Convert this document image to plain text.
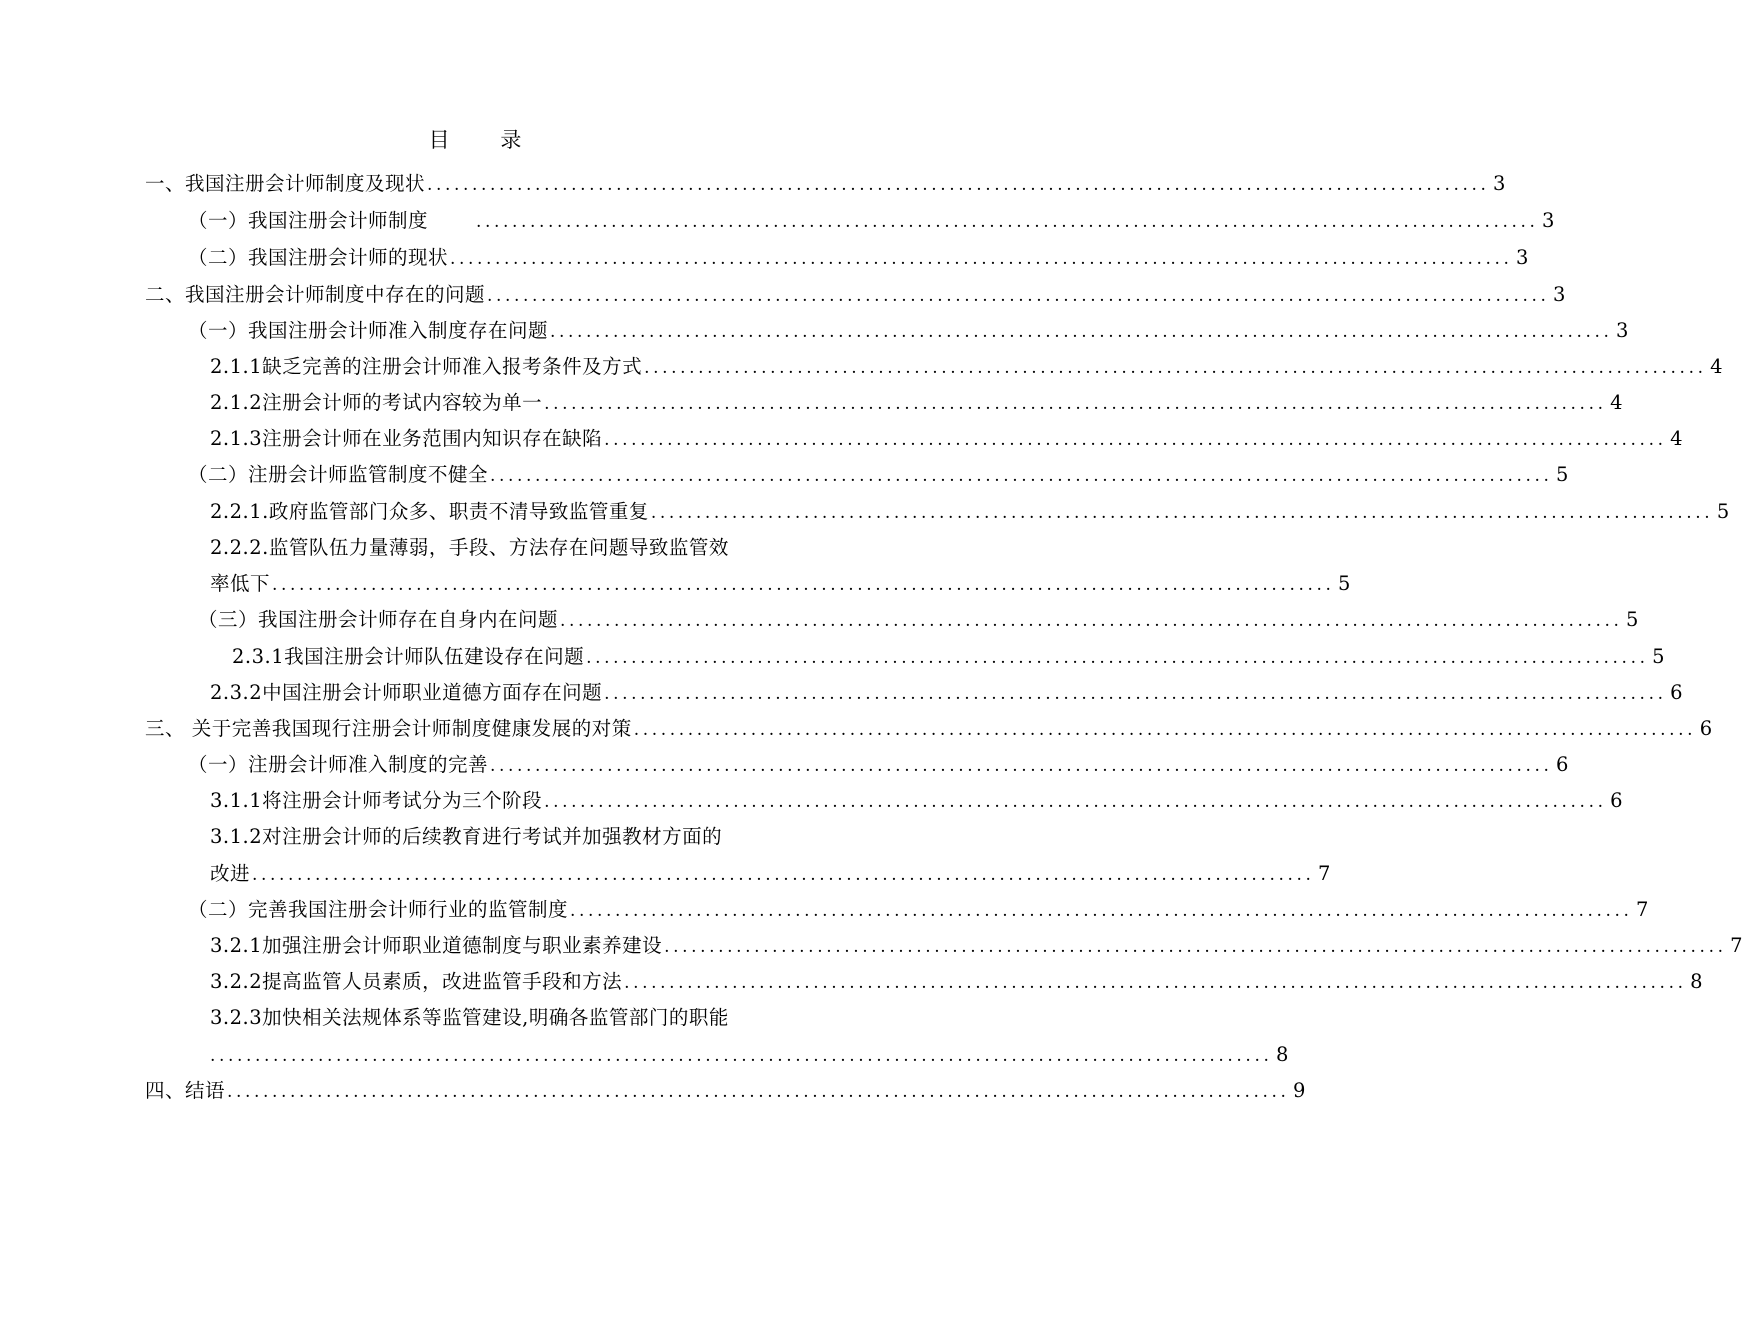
目 录
一、我国注册会计师制度及现状 ...................................................................................................................... 3
（一）我国注册会计师制度	...................................................................................................................... 3
（二）我国注册会计师的现状 ...................................................................................................................... 3
二、我国注册会计师制度中存在的问题 ...................................................................................................................... 3
（一）我国注册会计师准入制度存在问题 ...................................................................................................................... 3
2.1.1缺乏完善的注册会计师准入报考条件及方式 ...................................................................................................................... 4
2.1.2注册会计师的考试内容较为单一 ...................................................................................................................... 4
2.1.3注册会计师在业务范围内知识存在缺陷 ...................................................................................................................... 4
（二）注册会计师监管制度不健全 ...................................................................................................................... 5
2.2.1.政府监管部门众多、职责不清导致监管重复 ...................................................................................................................... 5
2.2.2.监管队伍力量薄弱，手段、方法存在问题导致监管效
率低下 ...................................................................................................................... 5
（三）我国注册会计师存在自身内在问题 ...................................................................................................................... 5
2.3.1我国注册会计师队伍建设存在问题 ...................................................................................................................... 5
2.3.2中国注册会计师职业道德方面存在问题 ...................................................................................................................... 6
三、 关于完善我国现行注册会计师制度健康发展的对策 ...................................................................................................................... 6
（一）注册会计师准入制度的完善 ...................................................................................................................... 6
3.1.1将注册会计师考试分为三个阶段 ...................................................................................................................... 6
3.1.2对注册会计师的后续教育进行考试并加强教材方面的
改进 ...................................................................................................................... 7
（二）完善我国注册会计师行业的监管制度 ...................................................................................................................... 7
3.2.1加强注册会计师职业道德制度与职业素养建设 ...................................................................................................................... 7
3.2.2提高监管人员素质，改进监管手段和方法 ...................................................................................................................... 8
3.2.3加快相关法规体系等监管建设,明确各监管部门的职能
...................................................................................................................... 8
四、结语 ...................................................................................................................... 9
